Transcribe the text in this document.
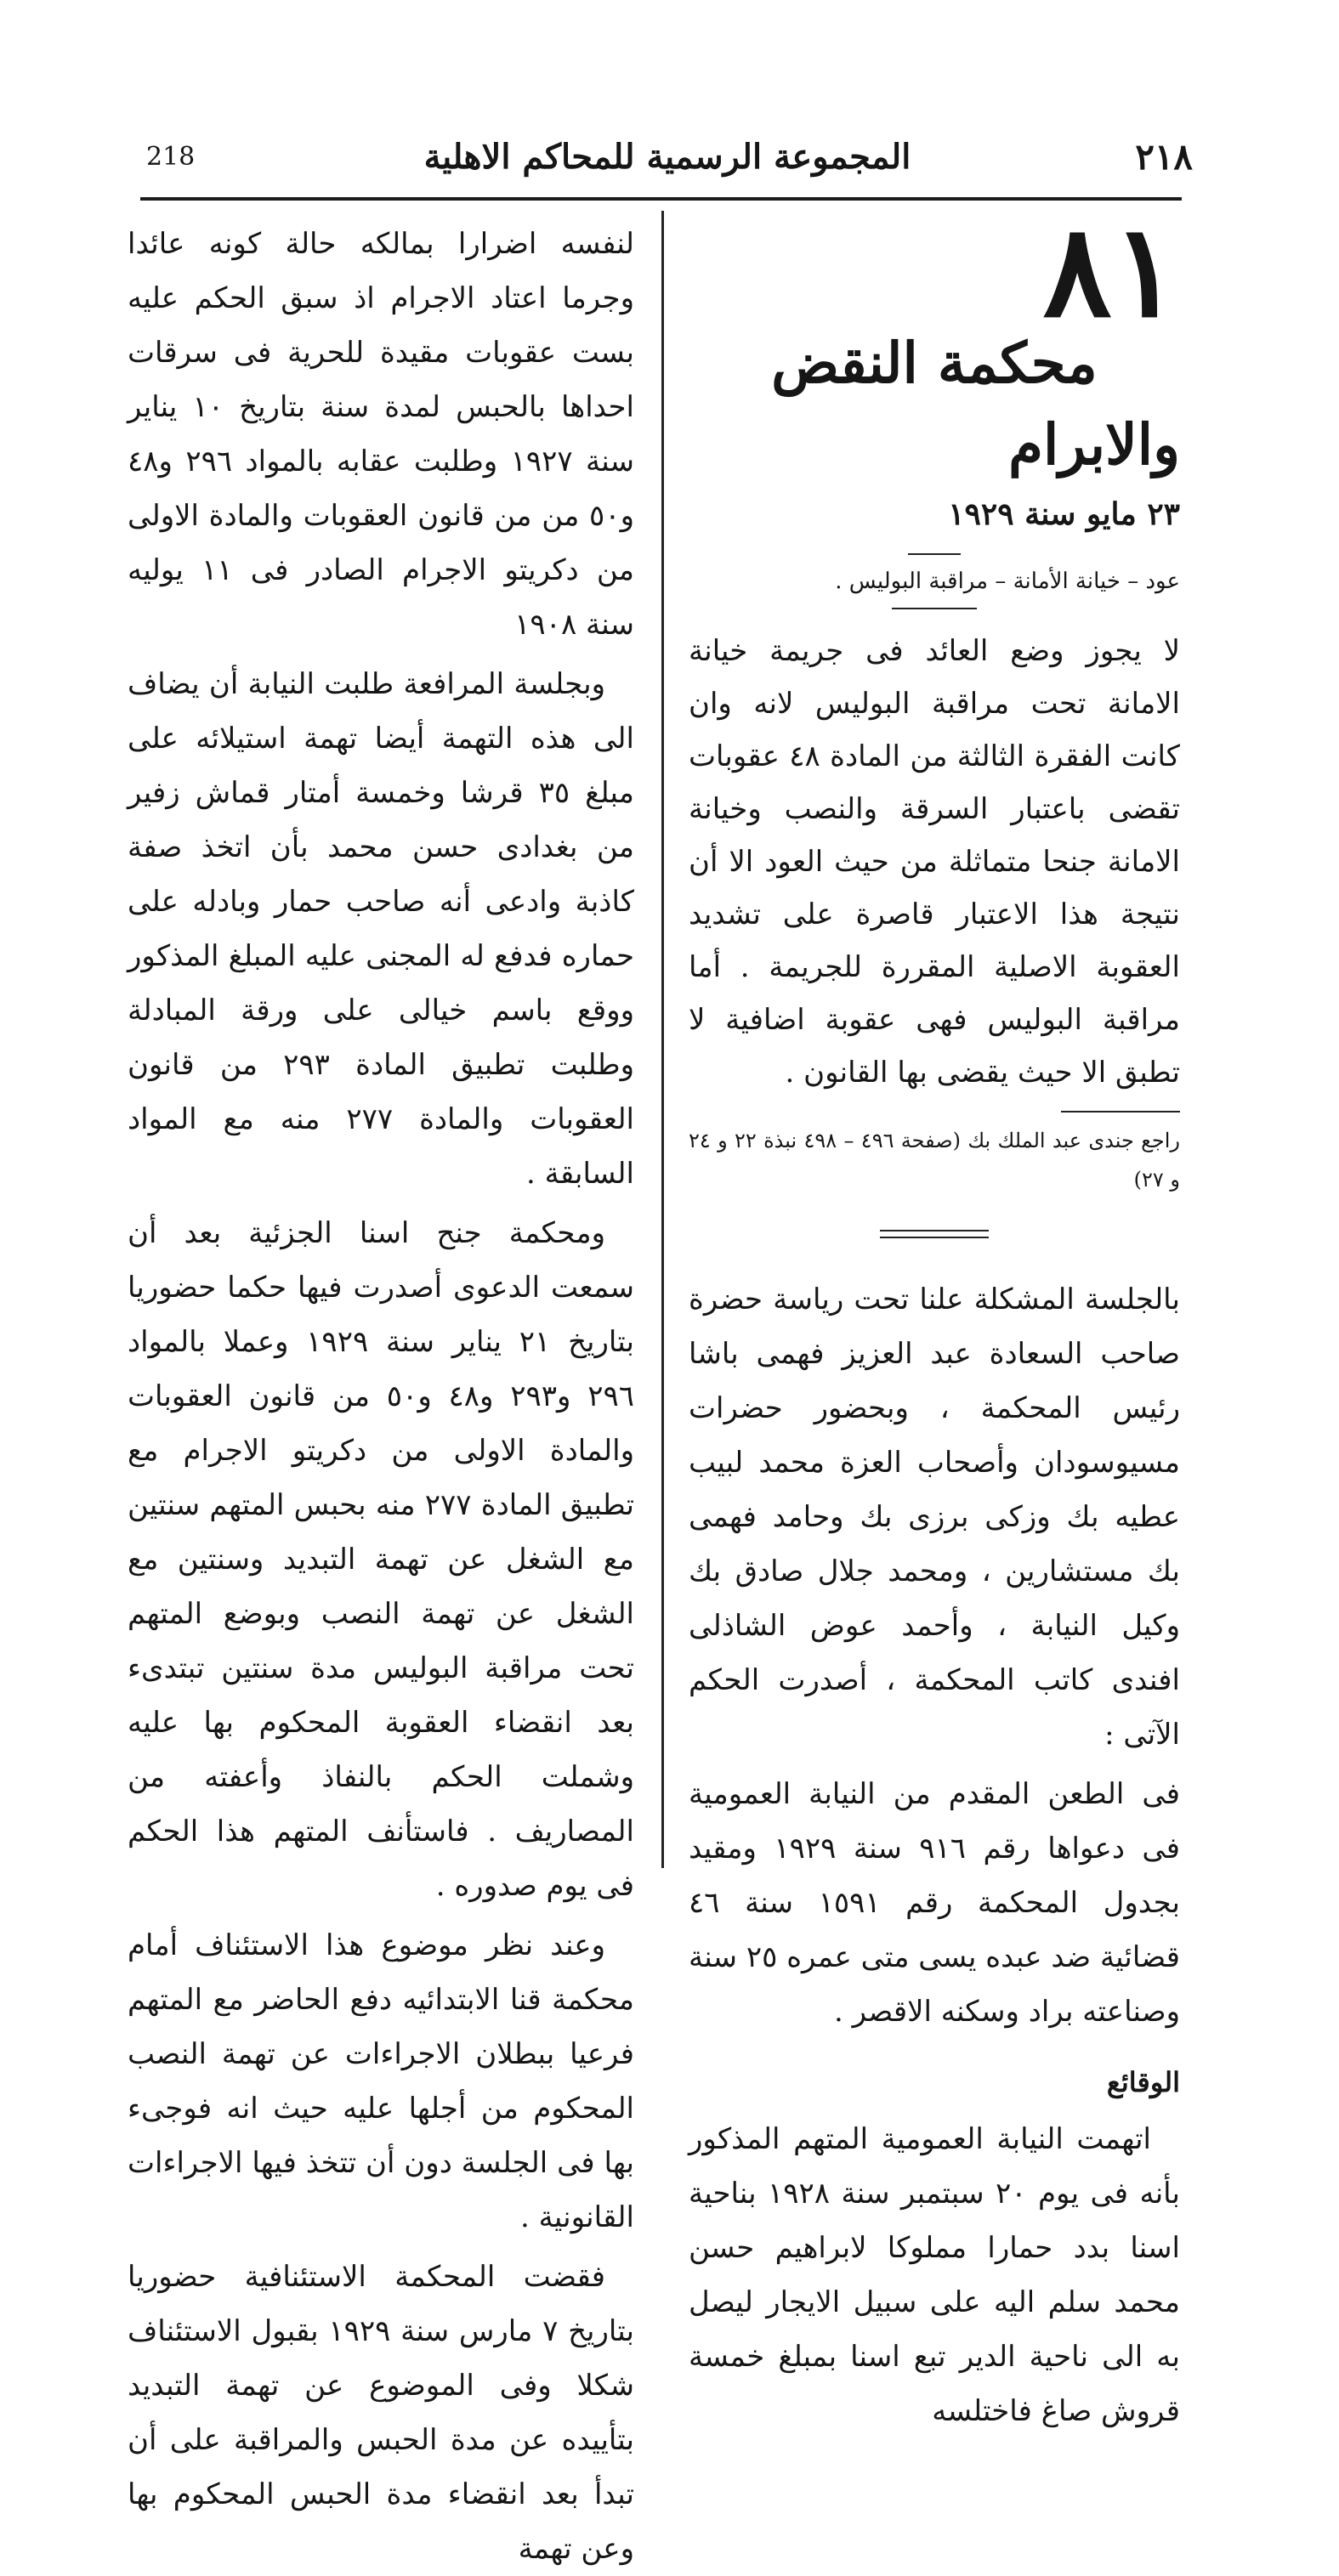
218	المجموعة الرسمية للمحاكم الاهلية	٢١٨

٨١

محكمة النقض والابرام

٢٣ مايو سنة ١٩٢٩

عود – خيانة الأمانة – مراقبة البوليس .

لا يجوز وضع العائد فى جريمة خيانة الامانة تحت مراقبة البوليس لانه وان كانت الفقرة الثالثة من المادة ٤٨ عقوبات تقضى باعتبار السرقة والنصب وخيانة الامانة جنحا متماثلة من حيث العود الا أن نتيجة هذا الاعتبار قاصرة على تشديد العقوبة الاصلية المقررة للجريمة . أما مراقبة البوليس فهى عقوبة اضافية لا تطبق الا حيث يقضى بها القانون .

راجع جندى عبد الملك بك (صفحة ٤٩٦ – ٤٩٨ نبذة ٢٢ و ٢٤ و ٢٧)

بالجلسة المشكلة علنا تحت رياسة حضرة صاحب السعادة عبد العزيز فهمى باشا رئيس المحكمة ، وبحضور حضرات مسيوسودان وأصحاب العزة محمد لبيب عطيه بك وزكى برزى بك وحامد فهمى بك مستشارين ، ومحمد جلال صادق بك وكيل النيابة ، وأحمد عوض الشاذلى افندى كاتب المحكمة ، أصدرت الحكم الآتى :

فى الطعن المقدم من النيابة العمومية فى دعواها رقم ٩١٦ سنة ١٩٢٩ ومقيد بجدول المحكمة رقم ١٥٩١ سنة ٤٦ قضائية ضد عبده يسى متى عمره ٢٥ سنة وصناعته براد وسكنه الاقصر .

الوقائع

اتهمت النيابة العمومية المتهم المذكور بأنه فى يوم ٢٠ سبتمبر سنة ١٩٢٨ بناحية اسنا بدد حمارا مملوكا لابراهيم حسن محمد سلم اليه على سبيل الايجار ليصل به الى ناحية الدير تبع اسنا بمبلغ خمسة قروش صاغ فاختلسه

لنفسه اضرارا بمالكه حالة كونه عائدا وجرما اعتاد الاجرام اذ سبق الحكم عليه بست عقوبات مقيدة للحرية فى سرقات احداها بالحبس لمدة سنة بتاريخ ١٠ يناير سنة ١٩٢٧ وطلبت عقابه بالمواد ٢٩٦ و٤٨ و٥٠ من من قانون العقوبات والمادة الاولى من دكريتو الاجرام الصادر فى ١١ يوليه سنة ١٩٠٨

وبجلسة المرافعة طلبت النيابة أن يضاف الى هذه التهمة أيضا تهمة استيلائه على مبلغ ٣٥ قرشا وخمسة أمتار قماش زفير من بغدادى حسن محمد بأن اتخذ صفة كاذبة وادعى أنه صاحب حمار وبادله على حماره فدفع له المجنى عليه المبلغ المذكور ووقع باسم خيالى على ورقة المبادلة وطلبت تطبيق المادة ٢٩٣ من قانون العقوبات والمادة ٢٧٧ منه مع المواد السابقة .

ومحكمة جنح اسنا الجزئية بعد أن سمعت الدعوى أصدرت فيها حكما حضوريا بتاريخ ٢١ يناير سنة ١٩٢٩ وعملا بالمواد ٢٩٦ و٢٩٣ و٤٨ و٥٠ من قانون العقوبات والمادة الاولى من دكريتو الاجرام مع تطبيق المادة ٢٧٧ منه بحبس المتهم سنتين مع الشغل عن تهمة التبديد وسنتين مع الشغل عن تهمة النصب وبوضع المتهم تحت مراقبة البوليس مدة سنتين تبتدىء بعد انقضاء العقوبة المحكوم بها عليه وشملت الحكم بالنفاذ وأعفته من المصاريف . فاستأنف المتهم هذا الحكم فى يوم صدوره .

وعند نظر موضوع هذا الاستئناف أمام محكمة قنا الابتدائيه دفع الحاضر مع المتهم فرعيا ببطلان الاجراءات عن تهمة النصب المحكوم من أجلها عليه حيث انه فوجىء بها فى الجلسة دون أن تتخذ فيها الاجراءات القانونية .

فقضت المحكمة الاستئنافية حضوريا بتاريخ ٧ مارس سنة ١٩٢٩ بقبول الاستئناف شكلا وفى الموضوع عن تهمة التبديد بتأييده عن مدة الحبس والمراقبة على أن تبدأ بعد انقضاء مدة الحبس المحكوم بها وعن تهمة
